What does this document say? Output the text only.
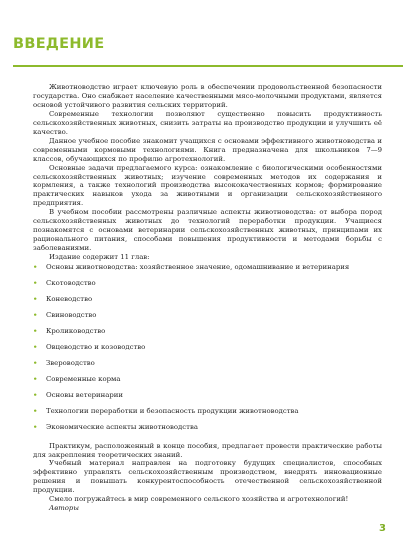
ВВЕДЕНИЕ

Животноводство играет ключевую роль в обеспечении продовольственной безопасности государства. Оно снабжает население качественными мясо-молочными продуктами, является основой устойчивого развития сельских территорий.

Современные технологии позволяют существенно повысить продуктивность сельскохозяйственных животных, снизить затраты на производство продукции и улучшить её качество.

Данное учебное пособие знакомит учащихся с основами эффективного животноводства и современными кормовыми технологиями. Книга предназначена для школьников 7—9 классов, обучающихся по профилю агротехнологий.

Основные задачи предлагаемого курса: ознакомление с биологическими особенностями сельскохозяйственных животных; изучение современных методов их содержания и кормления, а также технологий производства высококачественных кормов; формирование практических навыков ухода за животными и организации сельскохозяйственного предприятия.

В учебном пособии рассмотрены различные аспекты животноводства: от выбора пород сельскохозяйственных животных до технологий переработки продукции. Учащиеся познакомятся с основами ветеринарии сельскохозяйственных животных, принципами их рационального питания, способами повышения продуктивности и методами борьбы с заболеваниями.

Издание содержит 11 глав:

• Основы животноводства: хозяйственное значение, одомашнивание и ветеринария
• Скотоводство
• Коневодство
• Свиноводство
• Кролиководство
• Овцеводство и козоводство
• Звероводство
• Современные корма
• Основы ветеринарии
• Технологии переработки и безопасность продукции животноводства
• Экономические аспекты животноводства

Практикум, расположенный в конце пособия, предлагает провести практические работы для закрепления теоретических знаний.

Учебный материал направлен на подготовку будущих специалистов, способных эффективно управлять сельскохозяйственным производством, внедрять инновационные решения и повышать конкурентоспособность отечественной сельскохозяйственной продукции.

Смело погружайтесь в мир современного сельского хозяйства и агротехнологий!

Авторы

3
